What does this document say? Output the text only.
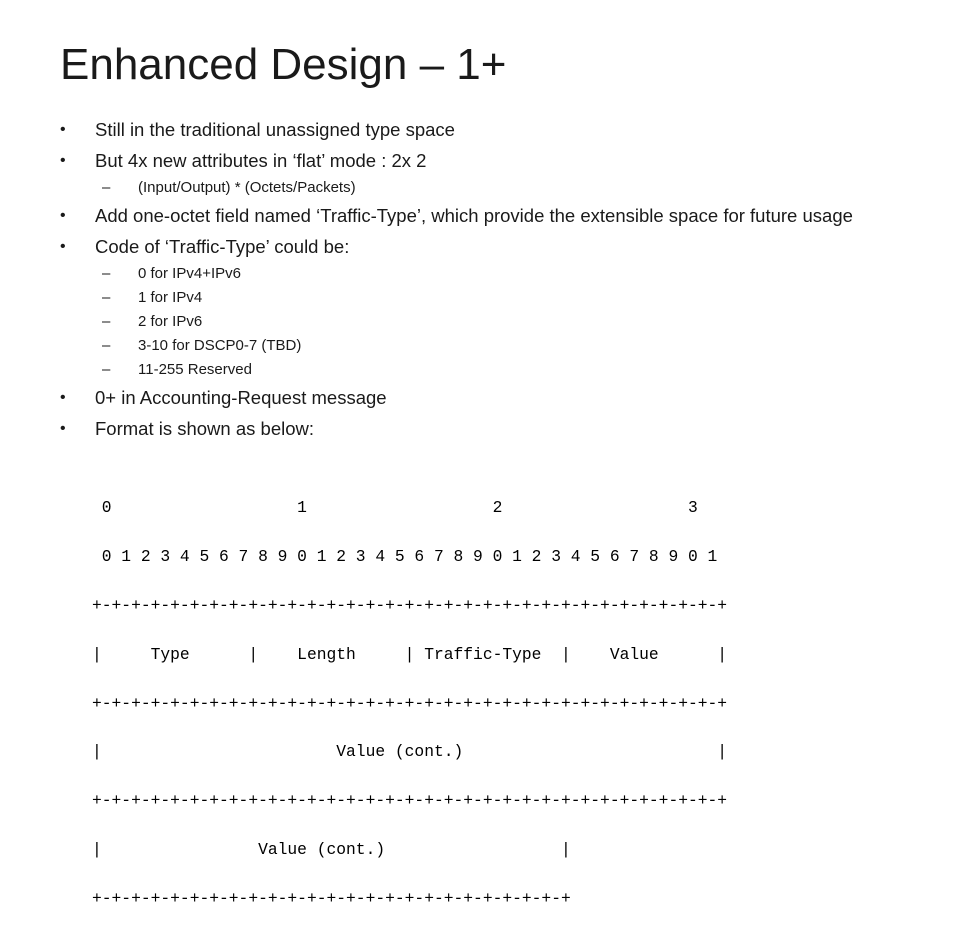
Enhanced Design – 1+
• Still in the traditional unassigned type space
• But 4x new attributes in ‘flat’ mode : 2x 2
– (Input/Output) * (Octets/Packets)
• Add one-octet field named ‘Traffic-Type’, which provide the extensible space for future usage
• Code of ‘Traffic-Type’ could be:
– 0 for IPv4+IPv6
– 1 for IPv4
– 2 for IPv6
– 3-10 for DSCP0-7 (TBD)
– 11-255 Reserved
• 0+ in Accounting-Request message
• Format is shown as below:

0                   1                   2                   3

0 1 2 3 4 5 6 7 8 9 0 1 2 3 4 5 6 7 8 9 0 1 2 3 4 5 6 7 8 9 0 1

+-+-+-+-+-+-+-+-+-+-+-+-+-+-+-+-+-+-+-+-+-+-+-+-+-+-+-+-+-+-+-+-+

|     Type      |    Length     | Traffic-Type  |    Value      |

+-+-+-+-+-+-+-+-+-+-+-+-+-+-+-+-+-+-+-+-+-+-+-+-+-+-+-+-+-+-+-+-+

|                        Value (cont.)                          |

+-+-+-+-+-+-+-+-+-+-+-+-+-+-+-+-+-+-+-+-+-+-+-+-+-+-+-+-+-+-+-+-+

|                Value (cont.)                  |

+-+-+-+-+-+-+-+-+-+-+-+-+-+-+-+-+-+-+-+-+-+-+-+-+
